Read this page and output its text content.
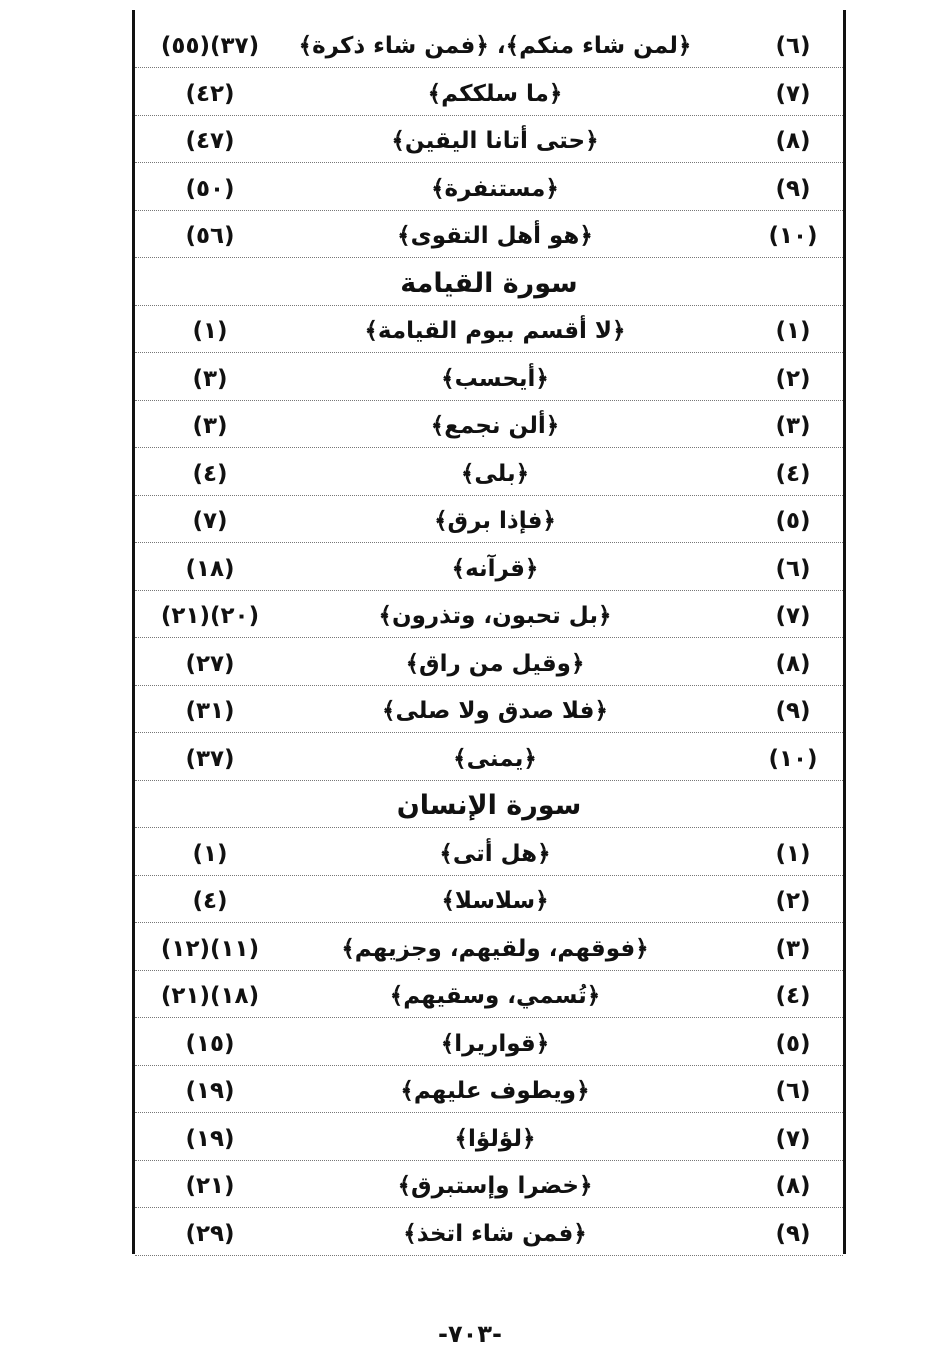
(٦)
﴿لمن شاء منكم﴾، ﴿فمن شاء ذكرة﴾
(٣٧)(٥٥)
(٧)
﴿ما سلككم﴾
(٤٢)
(٨)
﴿حتى أتانا اليقين﴾
(٤٧)
(٩)
﴿مستنفرة﴾
(٥٠)
(١٠)
﴿هو أهل التقوى﴾
(٥٦)
سورة القيامة
(١)
﴿لا أقسم بيوم القيامة﴾
(١)
(٢)
﴿أيحسب﴾
(٣)
(٣)
﴿ألن نجمع﴾
(٣)
(٤)
﴿بلى﴾
(٤)
(٥)
﴿فإذا برق﴾
(٧)
(٦)
﴿قرآنه﴾
(١٨)
(٧)
﴿بل تحبون، وتذرون﴾
(٢٠)(٢١)
(٨)
﴿وقيل من راق﴾
(٢٧)
(٩)
﴿فلا صدق ولا صلى﴾
(٣١)
(١٠)
﴿يمنى﴾
(٣٧)
سورة الإنسان
(١)
﴿هل أتى﴾
(١)
(٢)
﴿سلاسلا﴾
(٤)
(٣)
﴿فوقهم، ولقيهم، وجزيهم﴾
(١١)(١٢)
(٤)
﴿تُسمي، وسقيهم﴾
(١٨)(٢١)
(٥)
﴿قواريرا﴾
(١٥)
(٦)
﴿ويطوف عليهم﴾
(١٩)
(٧)
﴿لؤلؤا﴾
(١٩)
(٨)
﴿خضرا وإستبرق﴾
(٢١)
(٩)
﴿فمن شاء اتخذ﴾
(٢٩)
-٧٠٣-
